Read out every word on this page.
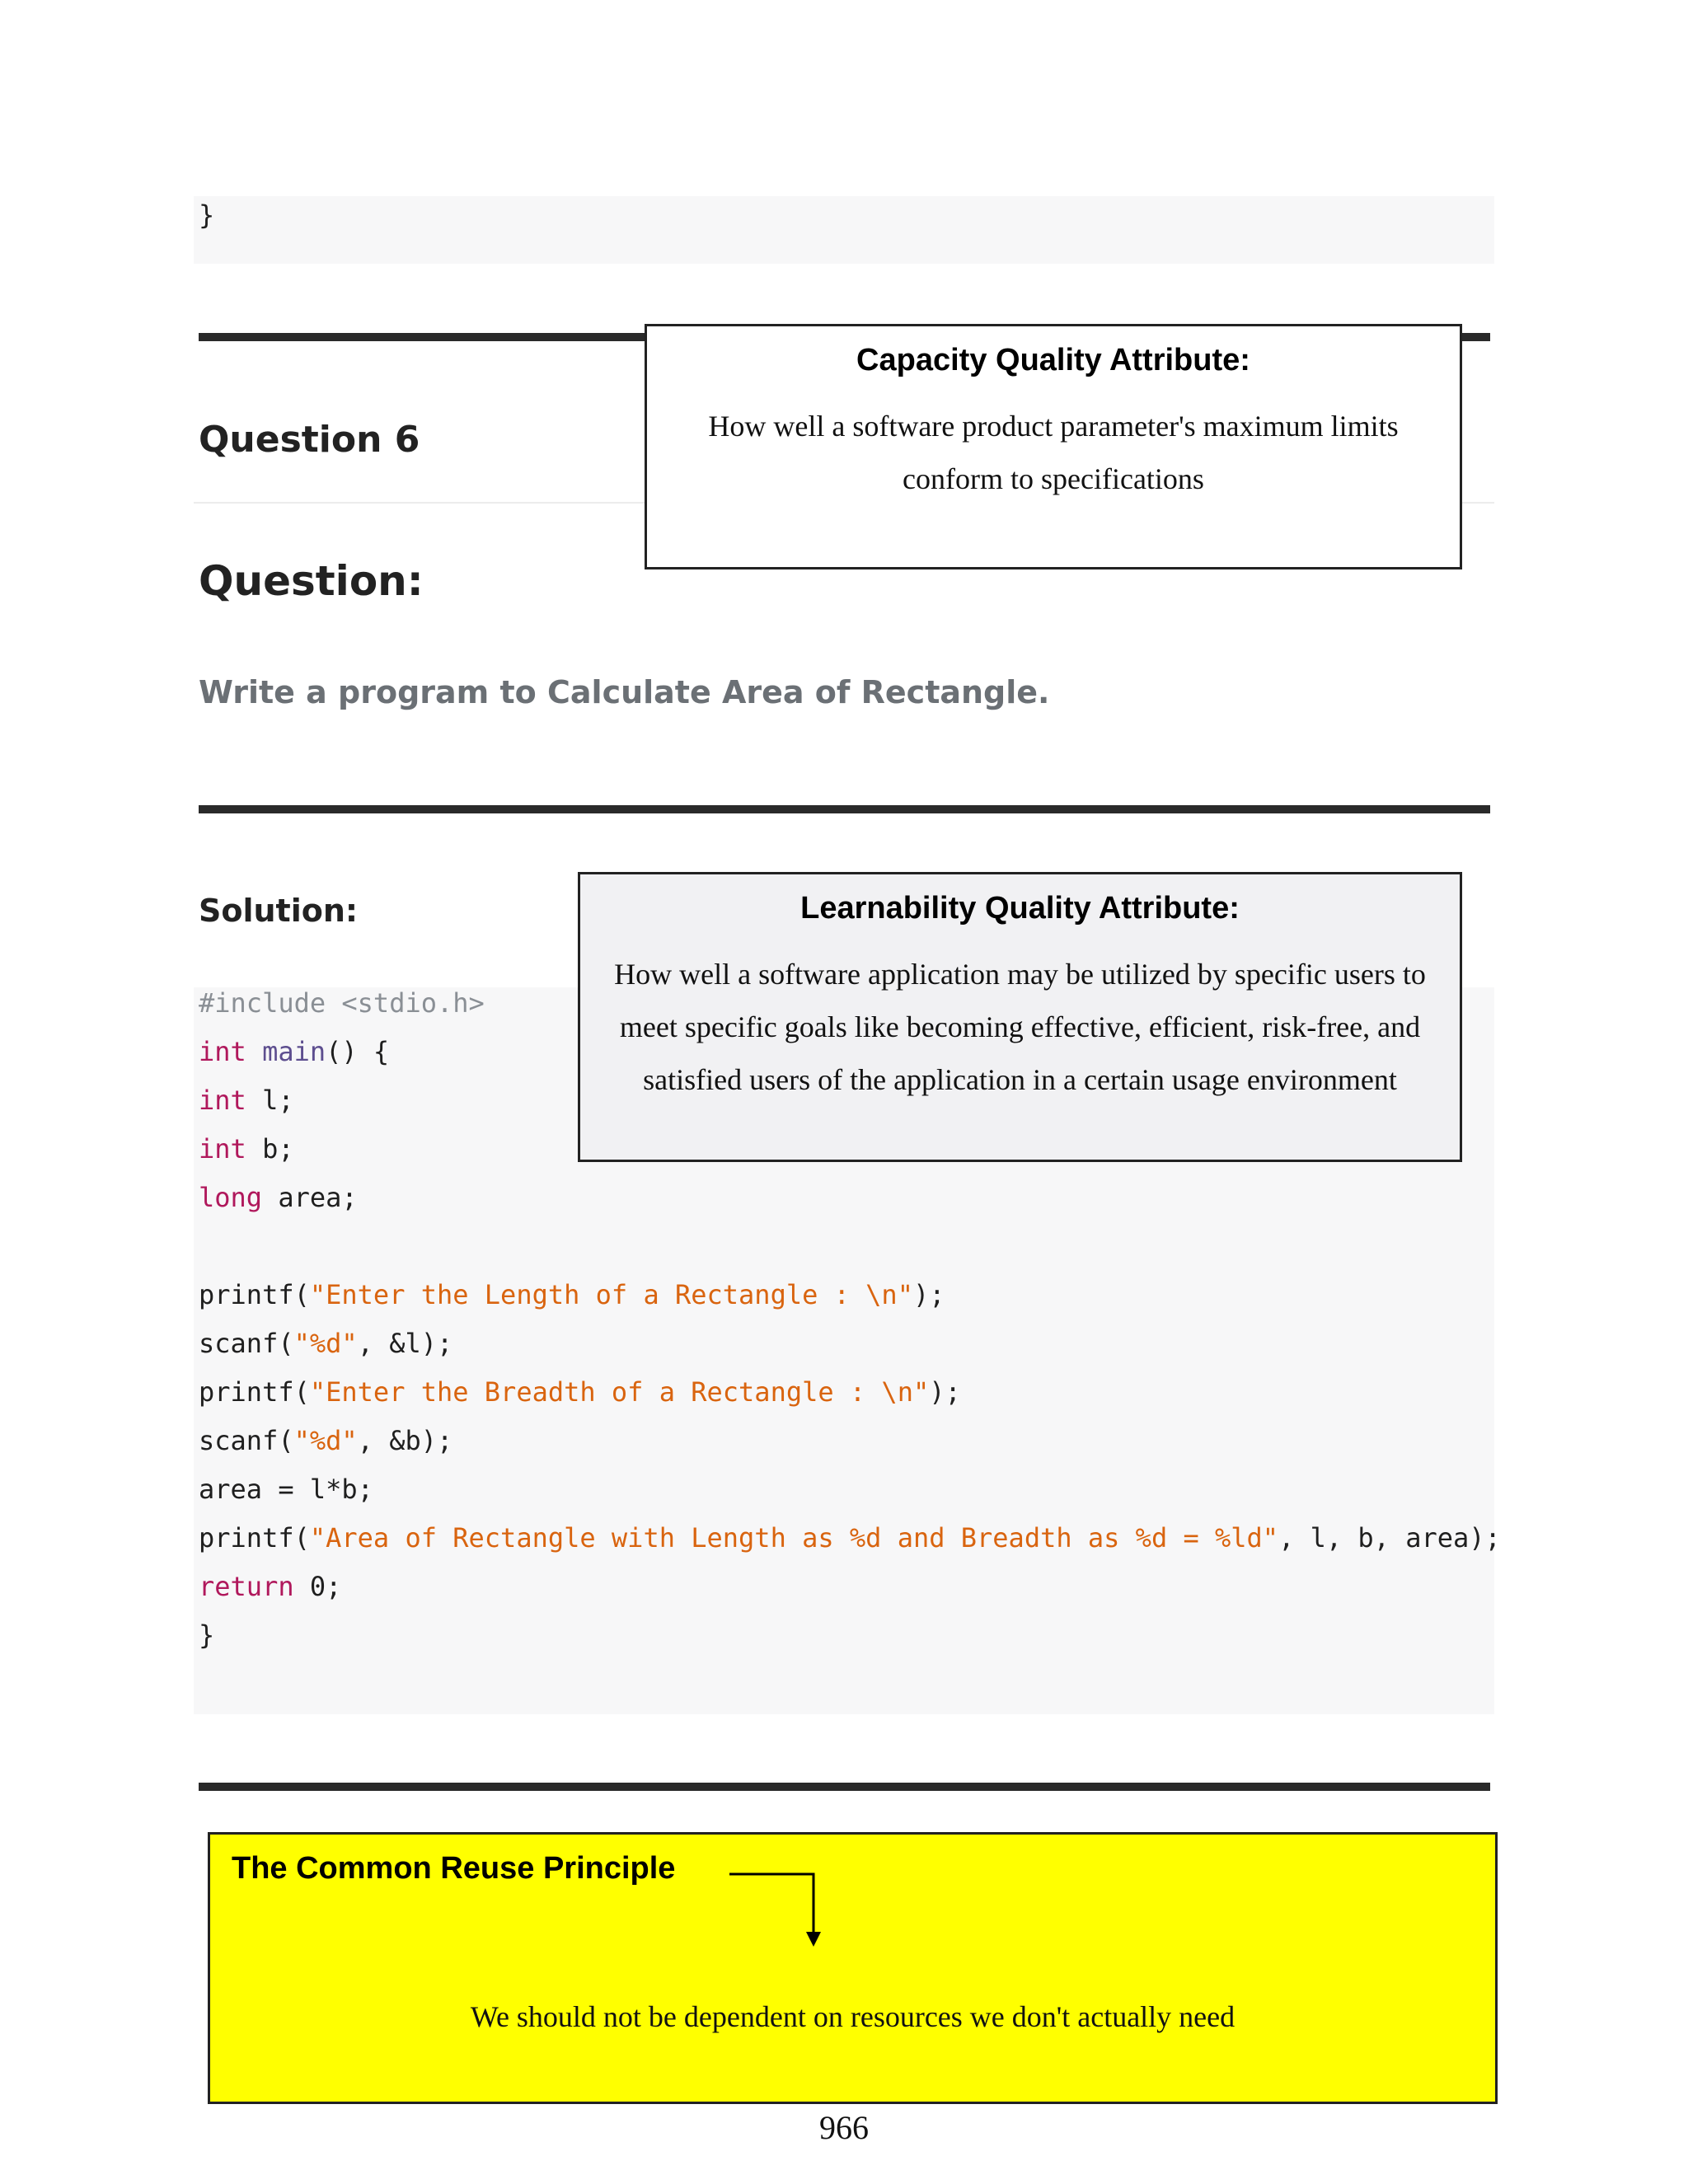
}
Question 6
Capacity Quality Attribute:
How well a software product parameter's maximum limits conform to specifications
Question:
Write a program to Calculate Area of Rectangle.
Solution:
#include <stdio.h>
int main() {
int l;
int b;
long area;
printf("Enter the Length of a Rectangle : \n");
scanf("%d", &l);
printf("Enter the Breadth of a Rectangle : \n");
scanf("%d", &b);
area = l*b;
printf("Area of Rectangle with Length as %d and Breadth as %d = %ld", l, b, area);
return 0;
}
Learnability Quality Attribute:
How well a software application may be utilized by specific users to meet specific goals like becoming effective, efficient, risk-free, and satisfied users of the application in a certain usage environment
The Common Reuse Principle
We should not be dependent on resources we don't actually need
966
